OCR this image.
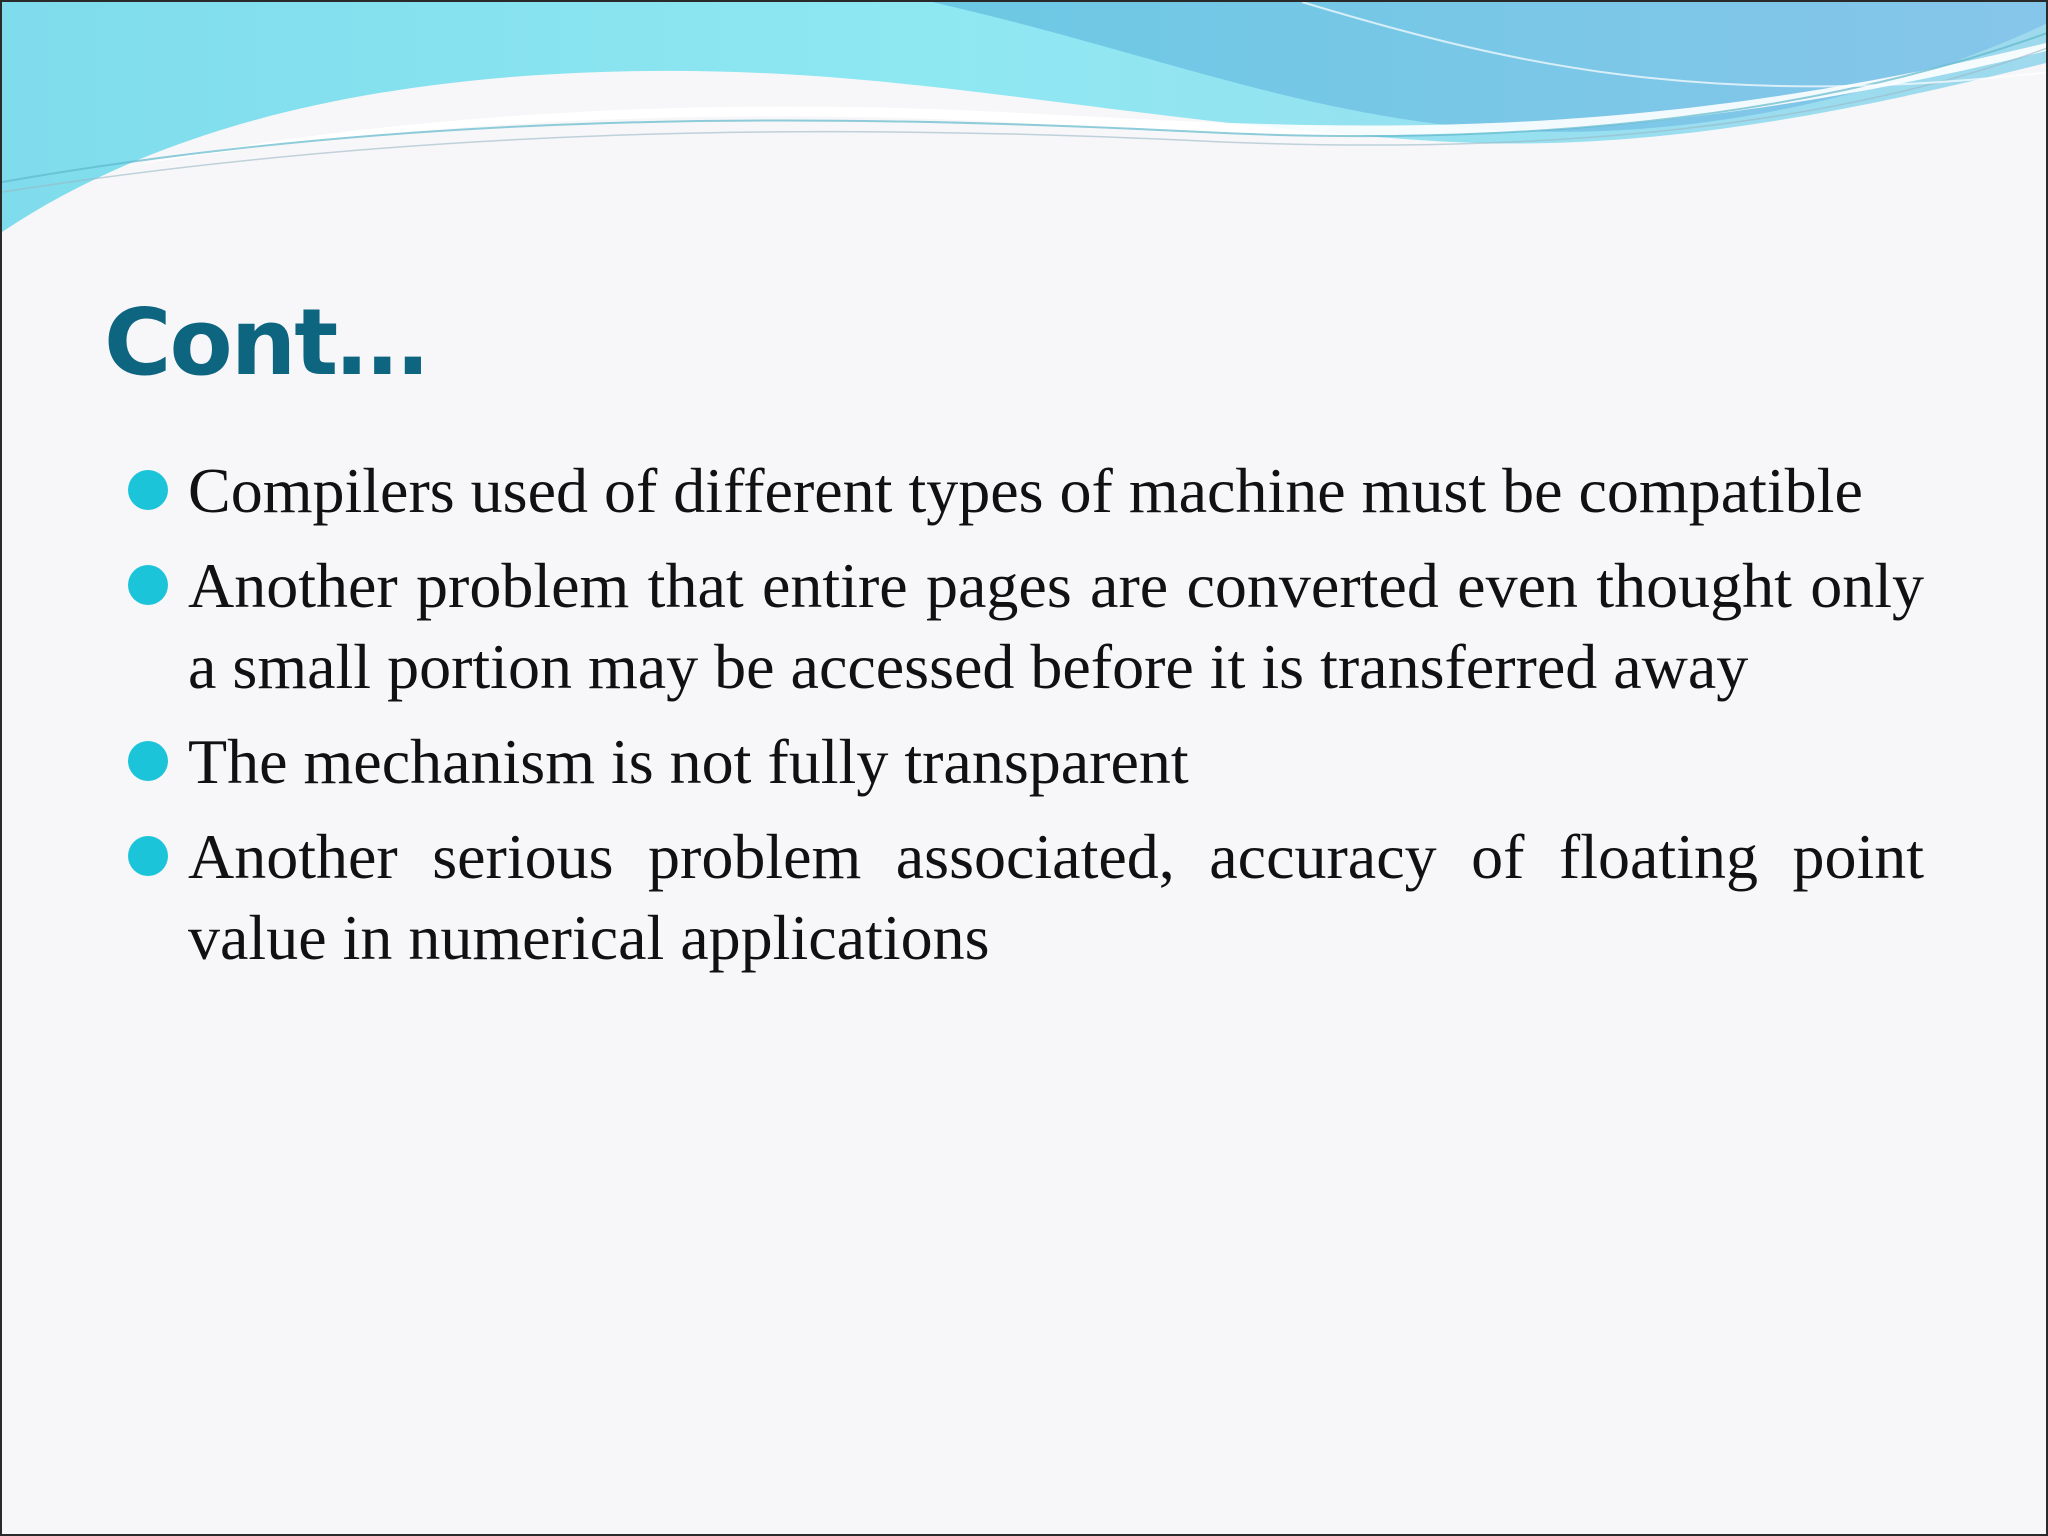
Cont…
Compilers used of different types of machine must be compatible
Another problem that entire pages are converted even thought only a small portion may be accessed before it is transferred away
The mechanism is not fully transparent
Another serious problem associated, accuracy of floating point value in numerical applications
